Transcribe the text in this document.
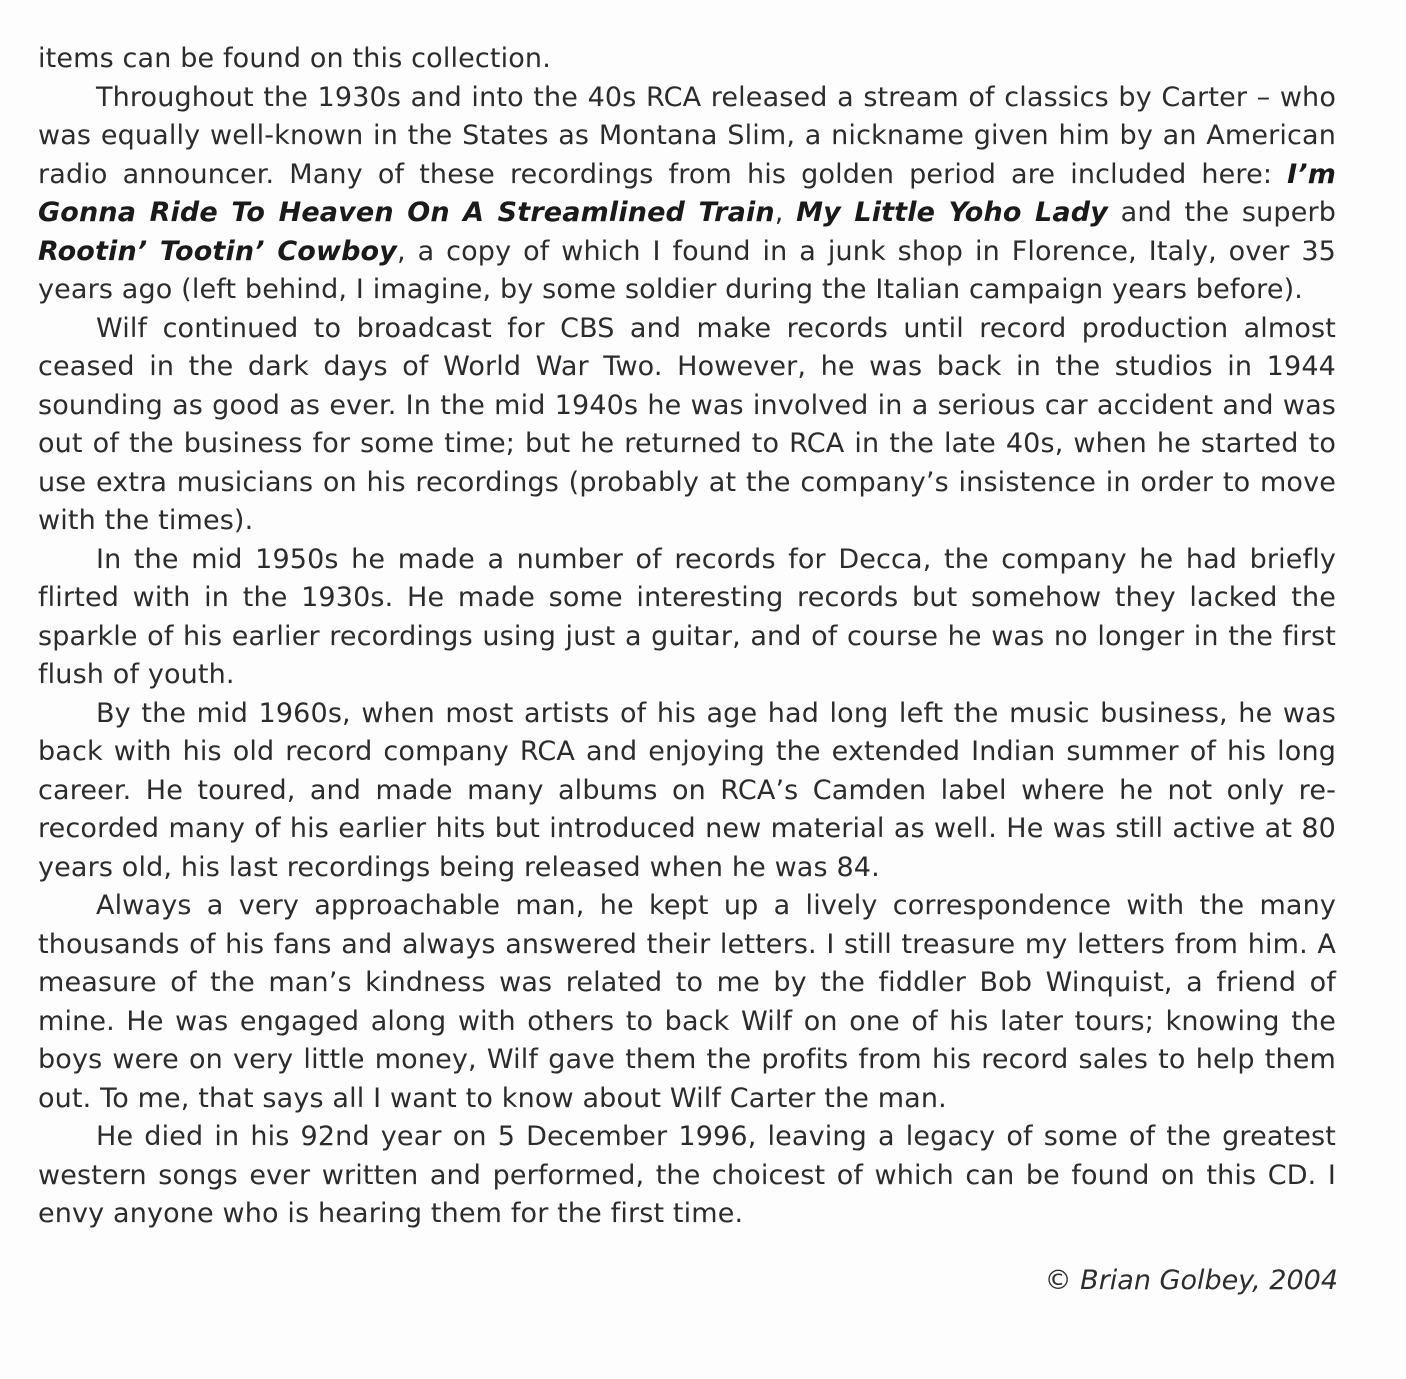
items can be found on this collection.

Throughout the 1930s and into the 40s RCA released a stream of classics by Carter – who was equally well-known in the States as Montana Slim, a nickname given him by an American radio announcer. Many of these recordings from his golden period are included here: I’m Gonna Ride To Heaven On A Streamlined Train, My Little Yoho Lady and the superb Rootin’ Tootin’ Cowboy, a copy of which I found in a junk shop in Florence, Italy, over 35 years ago (left behind, I imagine, by some soldier during the Italian campaign years before).

Wilf continued to broadcast for CBS and make records until record production almost ceased in the dark days of World War Two. However, he was back in the studios in 1944 sounding as good as ever. In the mid 1940s he was involved in a serious car accident and was out of the business for some time; but he returned to RCA in the late 40s, when he started to use extra musicians on his recordings (probably at the company’s insistence in order to move with the times).

In the mid 1950s he made a number of records for Decca, the company he had briefly flirted with in the 1930s. He made some interesting records but somehow they lacked the sparkle of his earlier recordings using just a guitar, and of course he was no longer in the first flush of youth.

By the mid 1960s, when most artists of his age had long left the music business, he was back with his old record company RCA and enjoying the extended Indian summer of his long career. He toured, and made many albums on RCA’s Camden label where he not only re-recorded many of his earlier hits but introduced new material as well. He was still active at 80 years old, his last recordings being released when he was 84.

Always a very approachable man, he kept up a lively correspondence with the many thousands of his fans and always answered their letters. I still treasure my letters from him. A measure of the man’s kindness was related to me by the fiddler Bob Winquist, a friend of mine. He was engaged along with others to back Wilf on one of his later tours; knowing the boys were on very little money, Wilf gave them the profits from his record sales to help them out. To me, that says all I want to know about Wilf Carter the man.

He died in his 92nd year on 5 December 1996, leaving a legacy of some of the greatest western songs ever written and performed, the choicest of which can be found on this CD. I envy anyone who is hearing them for the first time.

© Brian Golbey, 2004
